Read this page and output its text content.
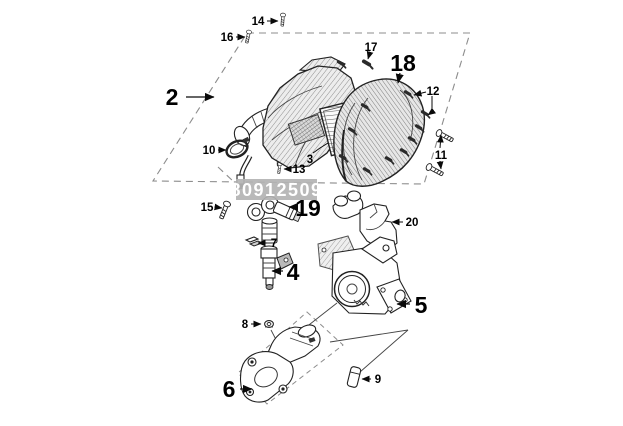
80912509
2
3
4
5
6
7
8
9
10	11
12
13
14
15
16
17
18
19
20
